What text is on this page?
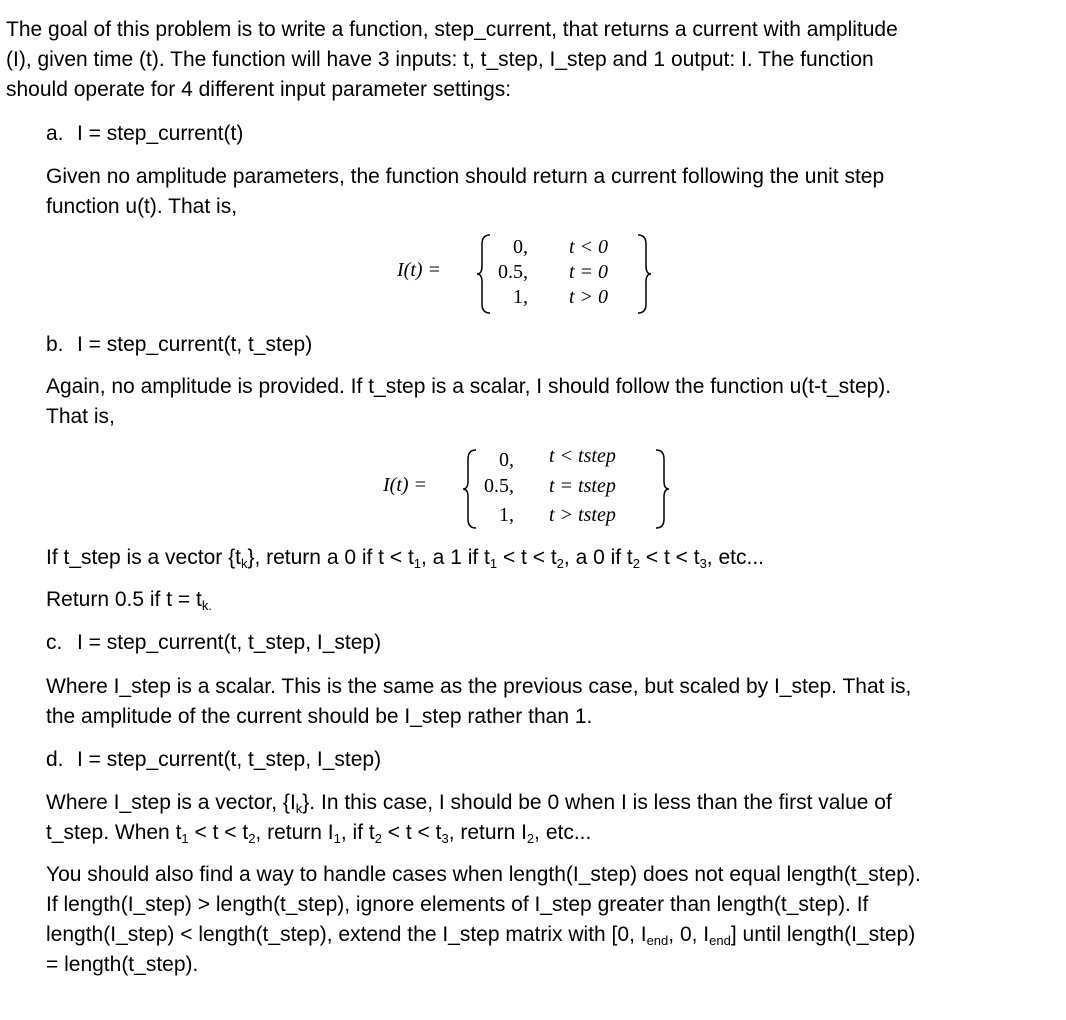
The goal of this problem is to write a function, step_current, that returns a current with amplitude

(I), given time (t). The function will have 3 inputs: t, t_step, I_step and 1 output: I. The function

should operate for 4 different input parameter settings:

a. I = step_current(t)

Given no amplitude parameters, the function should return a current following the unit step

function u(t). That is,

I(t) =
0,
0.5,
1,
t < 0
t = 0
t > 0

b. I = step_current(t, t_step)

Again, no amplitude is provided. If t_step is a scalar, I should follow the function u(t-t_step).

That is,

I(t) =
0,
0.5,
1,
t < tstep
t = tstep
t > tstep

If t_step is a vector $\{t_k\}$, return a 0 if $t < t_1$, a 1 if $t_1 < t < t_2$, a 0 if $t_2 < t < t_3$, etc...

Return 0.5 if $t = t_{k.}$

c. I = step_current(t, t_step, I_step)

Where I_step is a scalar. This is the same as the previous case, but scaled by I_step. That is,

the amplitude of the current should be I_step rather than 1.

d. I = step_current(t, t_step, I_step)

Where I_step is a vector, $\{I_k\}$. In this case, I should be 0 when I is less than the first value of

t_step. When $t_1 < t < t_2$, return $I_1$, if $t_2 < t < t_3$, return $I_2$, etc...

You should also find a way to handle cases when length(I_step) does not equal length(t_step).

If length(I_step) > length(t_step), ignore elements of I_step greater than length(t_step). If

length(I_step) < length(t_step), extend the I_step matrix with [0, $I_{end}$, 0, $I_{end}$] until length(I_step)

= length(t_step).
